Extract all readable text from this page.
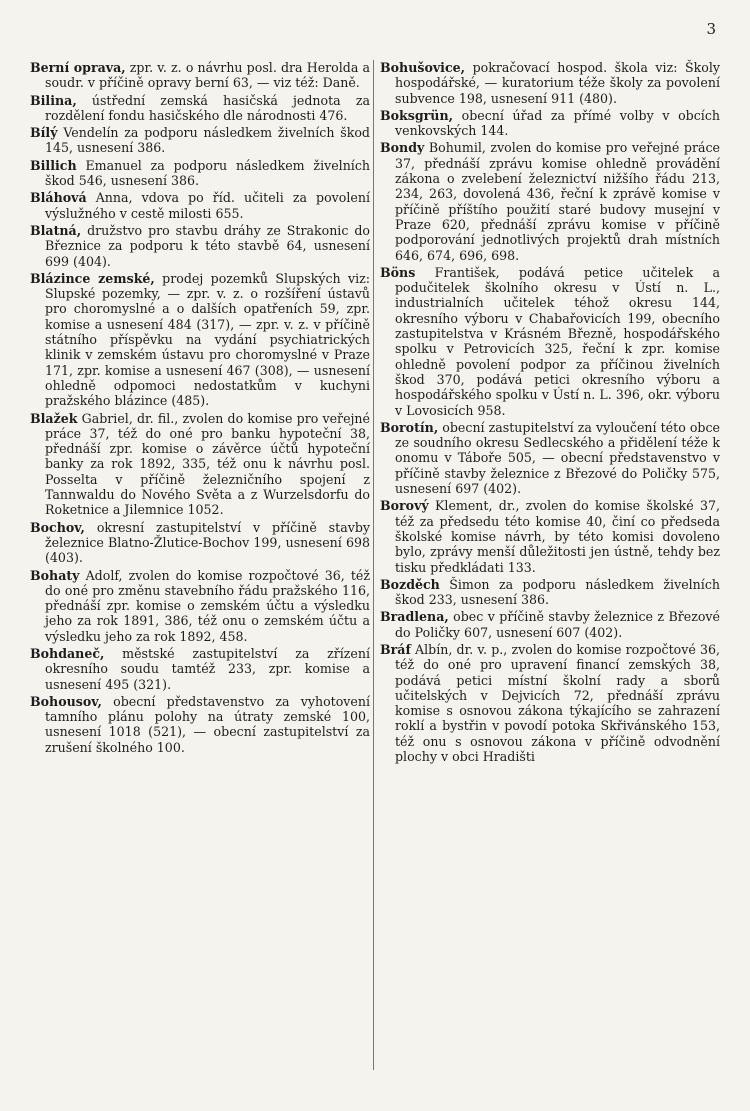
3

Berní oprava, zpr. v. z. o návrhu posl. dra Herolda a soudr. v příčině opravy berní 63, — viz též: Daně.

Bilina, ústřední zemská hasičská jednota za rozdělení fondu hasičského dle národnosti 476.

Bílý Vendelín za podporu následkem živelních škod 145, usnesení 386.

Billich Emanuel za podporu následkem živelních škod 546, usnesení 386.

Bláhová Anna, vdova po říd. učiteli za povolení výslužného v cestě milosti 655.

Blatná, družstvo pro stavbu dráhy ze Strakonic do Březnice za podporu k této stavbě 64, usnesení 699 (404).

Blázince zemské, prodej pozemků Slupských viz: Slupské pozemky, — zpr. v. z. o rozšíření ústavů pro choromyslné a o dalších opatřeních 59, zpr. komise a usnesení 484 (317), — zpr. v. z. v příčině státního příspěvku na vydání psychiatrických klinik v zemském ústavu pro choromyslné v Praze 171, zpr. komise a usnesení 467 (308), — usnesení ohledně odpomoci nedostatkům v kuchyni pražského blázince (485).

Blažek Gabriel, dr. fil., zvolen do komise pro veřejné práce 37, též do oné pro banku hypoteční 38, přednáší zpr. komise o závěrce účtů hypoteční banky za rok 1892, 335, též onu k návrhu posl. Posselta v příčině železničního spojení z Tannwaldu do Nového Světa a z Wurzelsdorfu do Roketnice a Jilemnice 1052.

Bochov, okresní zastupitelství v příčině stavby železnice Blatno-Žlutice-Bochov 199, usnesení 698 (403).

Bohaty Adolf, zvolen do komise rozpočtové 36, též do oné pro změnu stavebního řádu pražského 116, přednáší zpr. komise o zemském účtu a výsledku jeho za rok 1891, 386, též onu o zemském účtu a výsledku jeho za rok 1892, 458.

Bohdaneč, městské zastupitelství za zřízení okresního soudu tamtéž 233, zpr. komise a usnesení 495 (321).

Bohousov, obecní představenstvo za vyhotovení tamního plánu polohy na útraty zemské 100, usnesení 1018 (521), — obecní zastupitelství za zrušení školného 100.

Bohušovice, pokračovací hospod. škola viz: Školy hospodářské, — kuratorium téže školy za povolení subvence 198, usnesení 911 (480).

Boksgrün, obecní úřad za přímé volby v obcích venkovských 144.

Bondy Bohumil, zvolen do komise pro veřejné práce 37, přednáší zprávu komise ohledně provádění zákona o zvelebení železnictví nižšího řádu 213, 234, 263, dovolená 436, řeční k zprávě komise v příčině příštího použití staré budovy musejní v Praze 620, přednáší zprávu komise v příčině podporování jednotlivých projektů drah místních 646, 674, 696, 698.

Böns František, podává petice učitelek a podučitelek školního okresu v Ústí n. L., industrialních učitelek téhož okresu 144, okresního výboru v Chabařovicích 199, obecního zastupitelstva v Krásném Březně, hospodářského spolku v Petrovicích 325, řeční k zpr. komise ohledně povolení podpor za příčinou živelních škod 370, podává petici okresního výboru a hospodářského spolku v Ústí n. L. 396, okr. výboru v Lovosicích 958.

Borotín, obecní zastupitelství za vyloučení této obce ze soudního okresu Sedlecského a přidělení téže k onomu v Táboře 505, — obecní představenstvo v příčině stavby železnice z Březové do Poličky 575, usnesení 697 (402).

Borový Klement, dr., zvolen do komise školské 37, též za předsedu této komise 40, činí co předseda školské komise návrh, by této komisi dovoleno bylo, zprávy menší důležitosti jen ústně, tehdy bez tisku předkládati 133.

Bozděch Šimon za podporu následkem živelních škod 233, usnesení 386.

Bradlena, obec v příčině stavby železnice z Březové do Poličky 607, usnesení 607 (402).

Bráf Albín, dr. v. p., zvolen do komise rozpočtové 36, též do oné pro upravení financí zemských 38, podává petici místní školní rady a sborů učitelských v Dejvicích 72, přednáší zprávu komise s osnovou zákona týkajícího se zahrazení roklí a bystřin v povodí potoka Skřivánského 153, též onu s osnovou zákona v příčině odvodnění plochy v obci Hradišti
